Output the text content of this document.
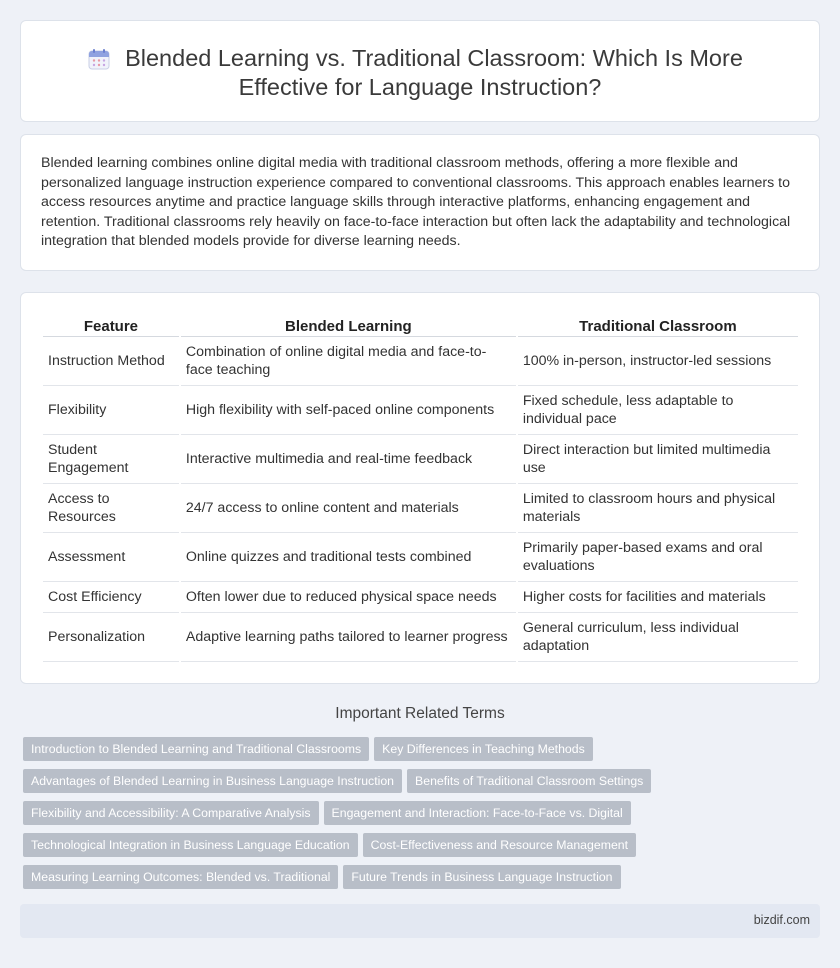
Blended Learning vs. Traditional Classroom: Which Is More
Effective for Language Instruction?

Blended learning combines online digital media with traditional classroom methods, offering a more flexible and personalized language instruction experience compared to conventional classrooms. This approach enables learners to access resources anytime and practice language skills through interactive platforms, enhancing engagement and retention. Traditional classrooms rely heavily on face-to-face interaction but often lack the adaptability and technological integration that blended models provide for diverse learning needs.

Feature	Blended Learning	Traditional Classroom
Instruction Method	Combination of online digital media and face-to-face teaching	100% in-person, instructor-led sessions
Flexibility	High flexibility with self-paced online components	Fixed schedule, less adaptable to individual pace
Student Engagement	Interactive multimedia and real-time feedback	Direct interaction but limited multimedia use
Access to Resources	24/7 access to online content and materials	Limited to classroom hours and physical materials
Assessment	Online quizzes and traditional tests combined	Primarily paper-based exams and oral evaluations
Cost Efficiency	Often lower due to reduced physical space needs	Higher costs for facilities and materials
Personalization	Adaptive learning paths tailored to learner progress	General curriculum, less individual adaptation
Important Related Terms
Introduction to Blended Learning and Traditional Classrooms Key Differences in Teaching Methods
Advantages of Blended Learning in Business Language Instruction Benefits of Traditional Classroom Settings
Flexibility and Accessibility: A Comparative Analysis Engagement and Interaction: Face-to-Face vs. Digital
Technological Integration in Business Language Education Cost-Effectiveness and Resource Management
Measuring Learning Outcomes: Blended vs. Traditional Future Trends in Business Language Instruction
bizdif.com
